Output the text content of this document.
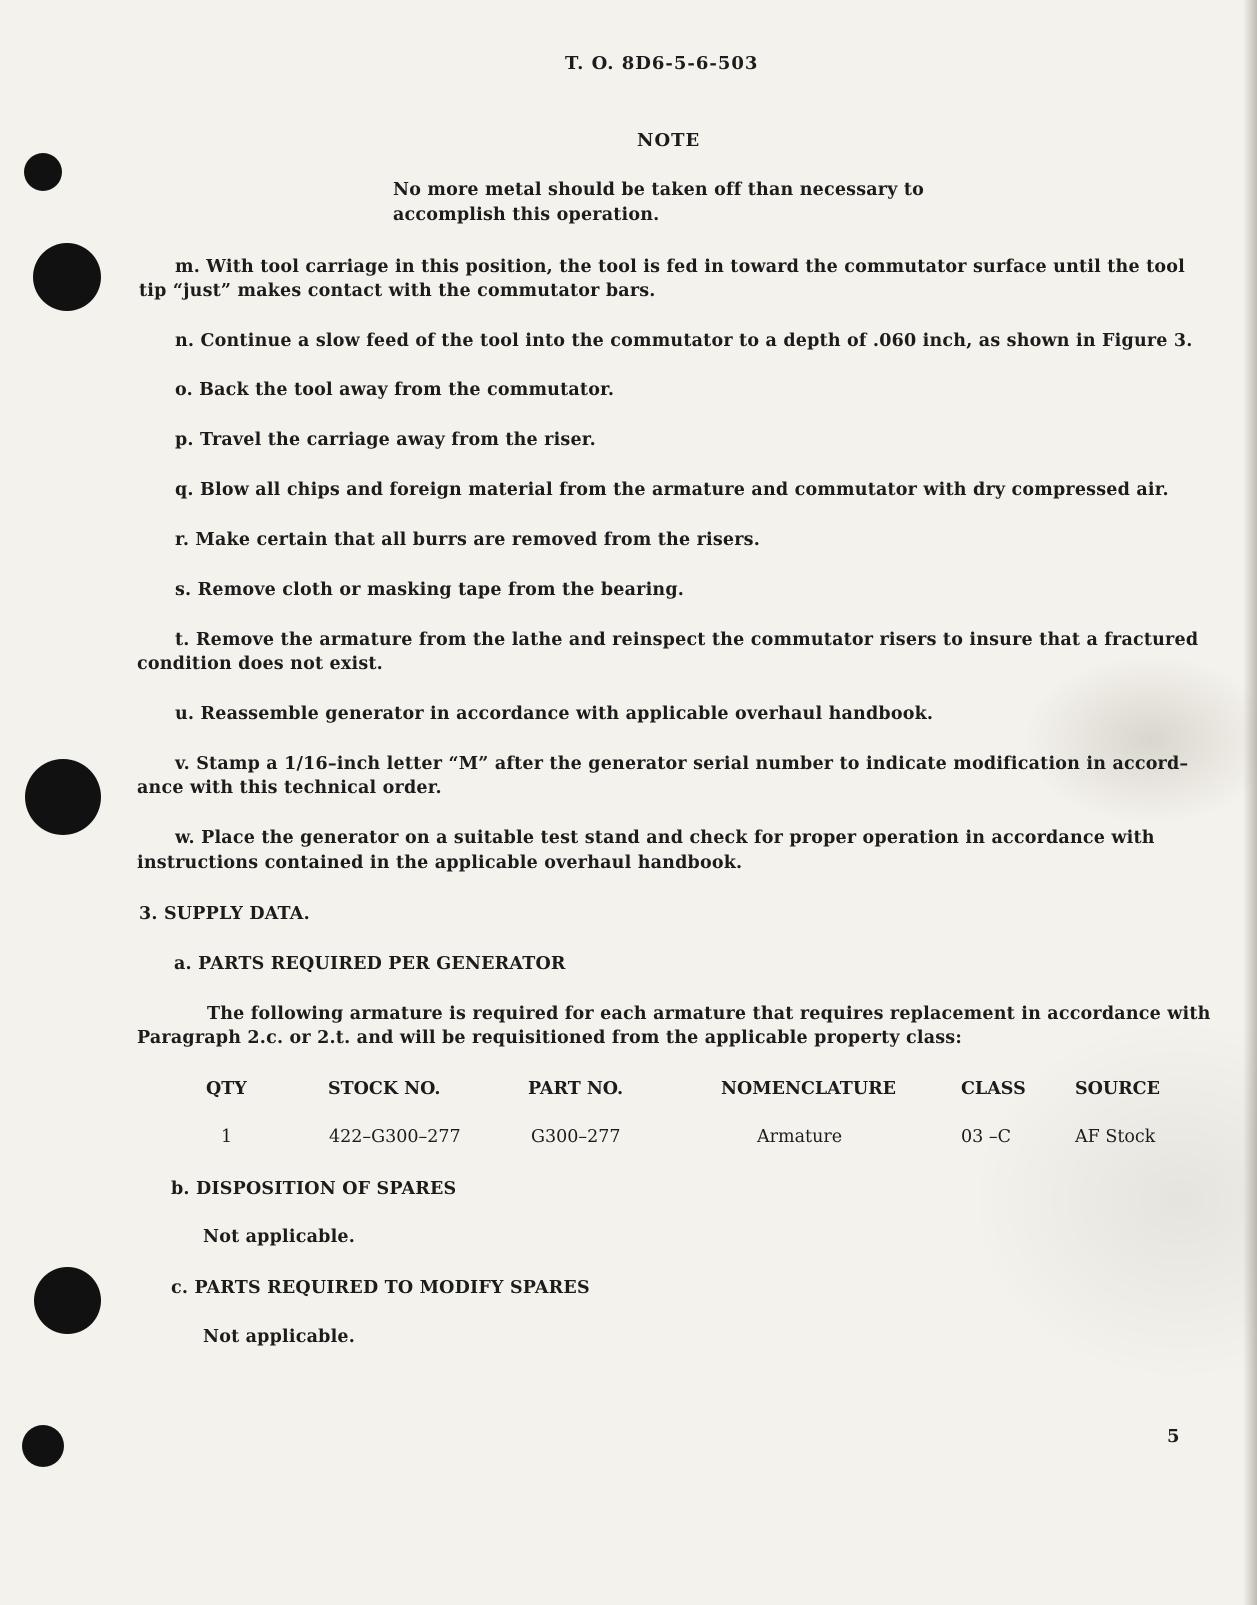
T. O. 8D6-5-6-503
NOTE
No more metal should be taken off than necessary to
accomplish this operation.
m. With tool carriage in this position, the tool is fed in toward the commutator surface until the tool
tip “just” makes contact with the commutator bars.
n. Continue a slow feed of the tool into the commutator to a depth of .060 inch, as shown in Figure 3.
o. Back the tool away from the commutator.
p. Travel the carriage away from the riser.
q. Blow all chips and foreign material from the armature and commutator with dry compressed air.
r. Make certain that all burrs are removed from the risers.
s. Remove cloth or masking tape from the bearing.
t. Remove the armature from the lathe and reinspect the commutator risers to insure that a fractured
condition does not exist.
u. Reassemble generator in accordance with applicable overhaul handbook.
v. Stamp a 1/16–inch letter “M” after the generator serial number to indicate modification in accord–
ance with this technical order.
w. Place the generator on a suitable test stand and check for proper operation in accordance with
instructions contained in the applicable overhaul handbook.
3. SUPPLY DATA.
a. PARTS REQUIRED PER GENERATOR
The following armature is required for each armature that requires replacement in accordance with
Paragraph 2.c. or 2.t. and will be requisitioned from the applicable property class:
QTY	STOCK NO.	PART NO.	NOMENCLATURE	CLASS	SOURCE
1	422–G300–277	G300–277	Armature	03 –C	AF Stock
b. DISPOSITION OF SPARES
Not applicable.
c. PARTS REQUIRED TO MODIFY SPARES
Not applicable.
5
